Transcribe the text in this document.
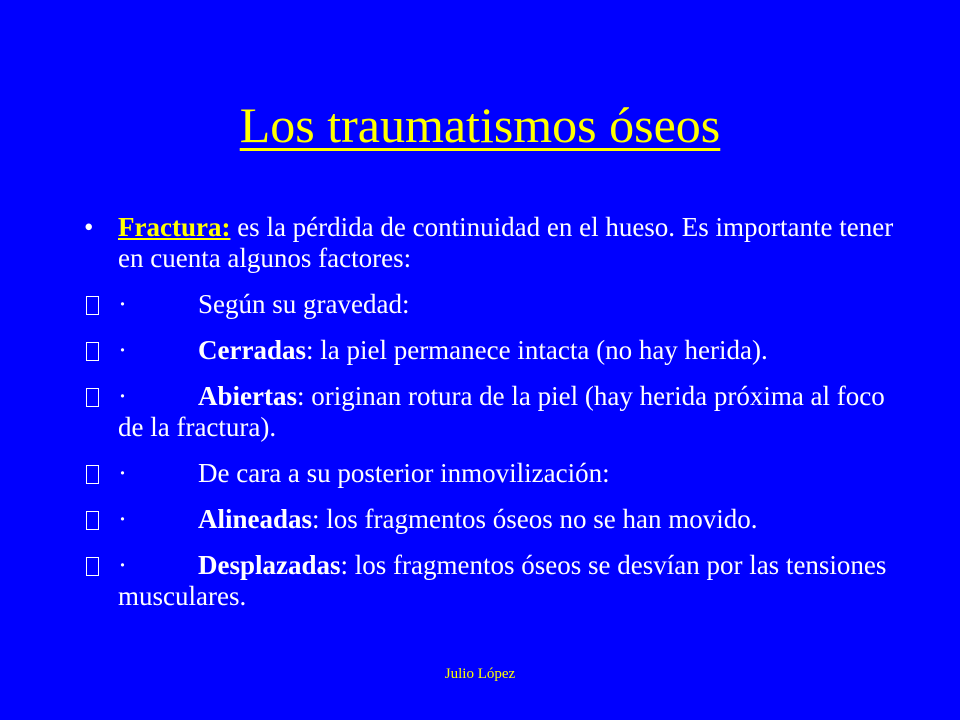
Los traumatismos óseos
• Fractura: es la pérdida de continuidad en el hueso. Es importante tener en cuenta algunos factores:
·	Según su gravedad:
·	Cerradas: la piel permanece intacta (no hay herida).
·	Abiertas: originan rotura de la piel (hay herida próxima al foco de la fractura).
·	De cara a su posterior inmovilización:
·	Alineadas: los fragmentos óseos no se han movido.
·	Desplazadas: los fragmentos óseos se desvían por las tensiones musculares.
Julio López
